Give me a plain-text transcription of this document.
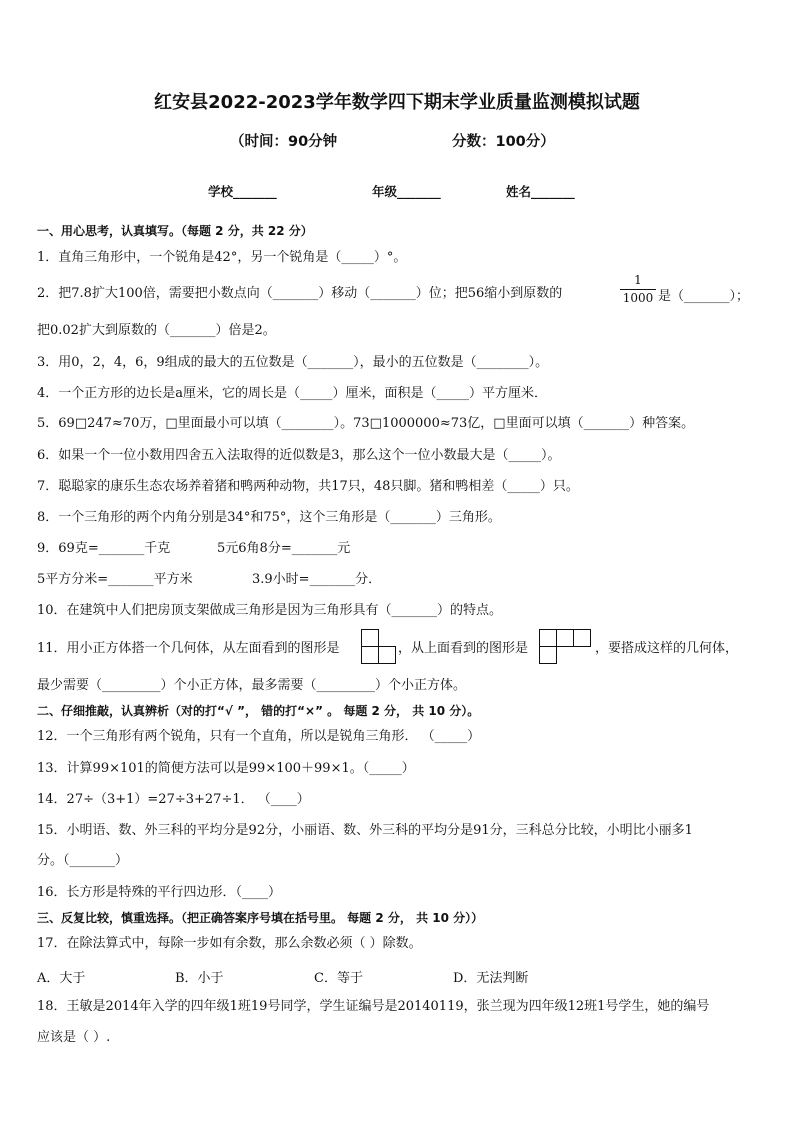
红安县2022-2023学年数学四下期末学业质量监测模拟试题
（时间：90分钟	分数：100分）
学校_______	年级_______	姓名_______
一、用心思考，认真填写。（每题 2 分，共 22 分）
1．直角三角形中，一个锐角是42°，另一个锐角是（_____）°。
2．把7.8扩大100倍，需要把小数点向（_______）移动（_______）位；把56缩小到原数的
1
1000 是（_______）；
把0.02扩大到原数的（_______）倍是2。
3．用0，2，4，6，9组成的最大的五位数是（_______），最小的五位数是（________）。
4．一个正方形的边长是a厘米，它的周长是（_____）厘米，面积是（_____）平方厘米．
5．69□247≈70万，□里面最小可以填（________）。73□1000000≈73亿，□里面可以填（_______）种答案。
6．如果一个一位小数用四舍五入法取得的近似数是3，那么这个一位小数最大是（_____）。
7．聪聪家的康乐生态农场养着猪和鸭两种动物，共17只，48只脚。猪和鸭相差（_____）只。
8．一个三角形的两个内角分别是34°和75°，这个三角形是（_______）三角形。
9．69克=_______千克	5元6角8分=_______元
5平方分米=_______平方米	3.9小时=_______分．
10．在建筑中人们把房顶支架做成三角形是因为三角形具有（_______）的特点。
11．用小正方体搭一个几何体，从左面看到的图形是	，从上面看到的图形是	，要搭成这样的几何体，
最少需要（_________）个小正方体，最多需要（_________）个小正方体。
二、仔细推敲，认真辨析（对的打“√ ”， 错的打“×” 。 每题 2 分， 共 10 分）。
12．一个三角形有两个锐角，只有一个直角，所以是锐角三角形． （_____）
13．计算99×101的简便方法可以是99×100＋99×1。（_____）
14．27÷（3+1）=27÷3+27÷1． （____）
15．小明语、数、外三科的平均分是92分，小丽语、数、外三科的平均分是91分，三科总分比较，小明比小丽多1
分。（_______）
16．长方形是特殊的平行四边形．（____）
三、反复比较，慎重选择。（把正确答案序号填在括号里。 每题 2 分， 共 10 分））
17．在除法算式中，每除一步如有余数，那么余数必须（ ）除数。
A．大于	B．小于	C．等于	D．无法判断
18．王敏是2014年入学的四年级1班19号同学，学生证编号是20140119，张兰现为四年级12班1号学生，她的编号
应该是（ ）.
